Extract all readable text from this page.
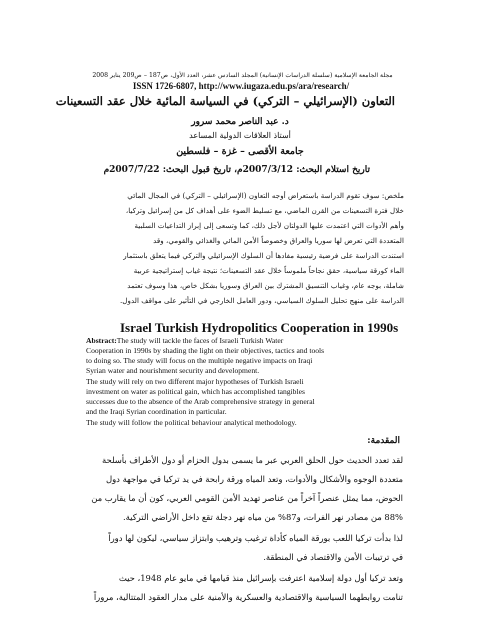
مجلة الجامعة الإسلامية (سلسلة الدراسات الإنسانية) المجلد السادس عشر، العدد الأول، ص187 – ص209 يناير 2008
ISSN 1726-6807, http://www.iugaza.edu.ps/ara/research/
التعاون (الإسرائيلي – التركي) في السياسة المائية خلال عقد التسعينات
د. عبد الناصر محمد سرور
أستاذ العلاقات الدولية المساعد
جامعة الأقصى – غزة – فلسطين
تاريخ استلام البحث: 2007/3/12م، تاريخ قبول البحث: 2007/7/22م
ملخص: سوف تقوم الدراسة باستعراض أوجه التعاون (الإسرائيلي – التركي) في المجال المائي
خلال فترة التسعينات من القرن الماضي، مع تسليط الضوء على أهداف كل من إسرائيل وتركيا،
وأهم الأدوات التي اعتمدت عليها الدولتان لأجل ذلك، كما وتسعى إلى إبراز التداعيات السلبية
المتعددة التي تعرض لها سوريا والعراق وخصوصاً الأمن المائي والغذائي والقومي، وقد
استندت الدراسة على فرضية رئيسية مفادها أن السلوك الإسرائيلي والتركي فيما يتعلق باستثمار
الماء كورقة سياسية، حقق نجاحاً ملموساً خلال عقد التسعينات؛ نتيجة غياب إستراتيجية عربية
شاملة، بوجه عام، وغياب التنسيق المشترك بين العراق وسوريا بشكل خاص، هذا وسوف تعتمد
الدراسة على منهج تحليل السلوك السياسي، ودور العامل الخارجي في التأثير على مواقف الدول.
Israel Turkish Hydropolitics Cooperation in 1990s
Abstract:The study will tackle the faces of Israeli Turkish Water
Cooperation in 1990s by shading the light on their objectives, tactics and tools
to doing so. The study will focus on the multiple negative impacts on Iraqi
Syrian water and nourishment security and development.
The study will rely on two different major hypotheses of Turkish Israeli
investment on water as political gain, which has accomplished tangibles
successes due to the absence of the Arab comprehensive strategy in general
and the Iraqi Syrian coordination in particular.
The study will follow the political behaviour analytical methodology.
المقدمة:
لقد تعدد الحديث حول الحلق العربي عبر ما يسمى بدول الحزام أو دول الأطراف بأسلحة
متعددة الوجوه والأشكال والأدوات، وتعد المياه ورقة رابحة في يد تركيا في مواجهة دول
الحوض، مما يمثل عنصراً آخراً من عناصر تهديد الأمن القومي العربي، كون أن ما يقارب من
88% من مصادر نهر الفرات، و87% من مياه نهر دجلة تقع داخل الأراضي التركية.
لذا بدأت تركيا اللعب بورقة المياه كأداة ترغيب وترهيب وابتزاز سياسي، ليكون لها دوراً
في ترتيبات الأمن والاقتصاد في المنطقة.
وتعد تركيا أول دولة إسلامية اعترفت بإسرائيل منذ قيامها في مايو عام 1948، حيث
تنامت روابطهما السياسية والاقتصادية والعسكرية والأمنية على مدار العقود المتتالية، مروراً
